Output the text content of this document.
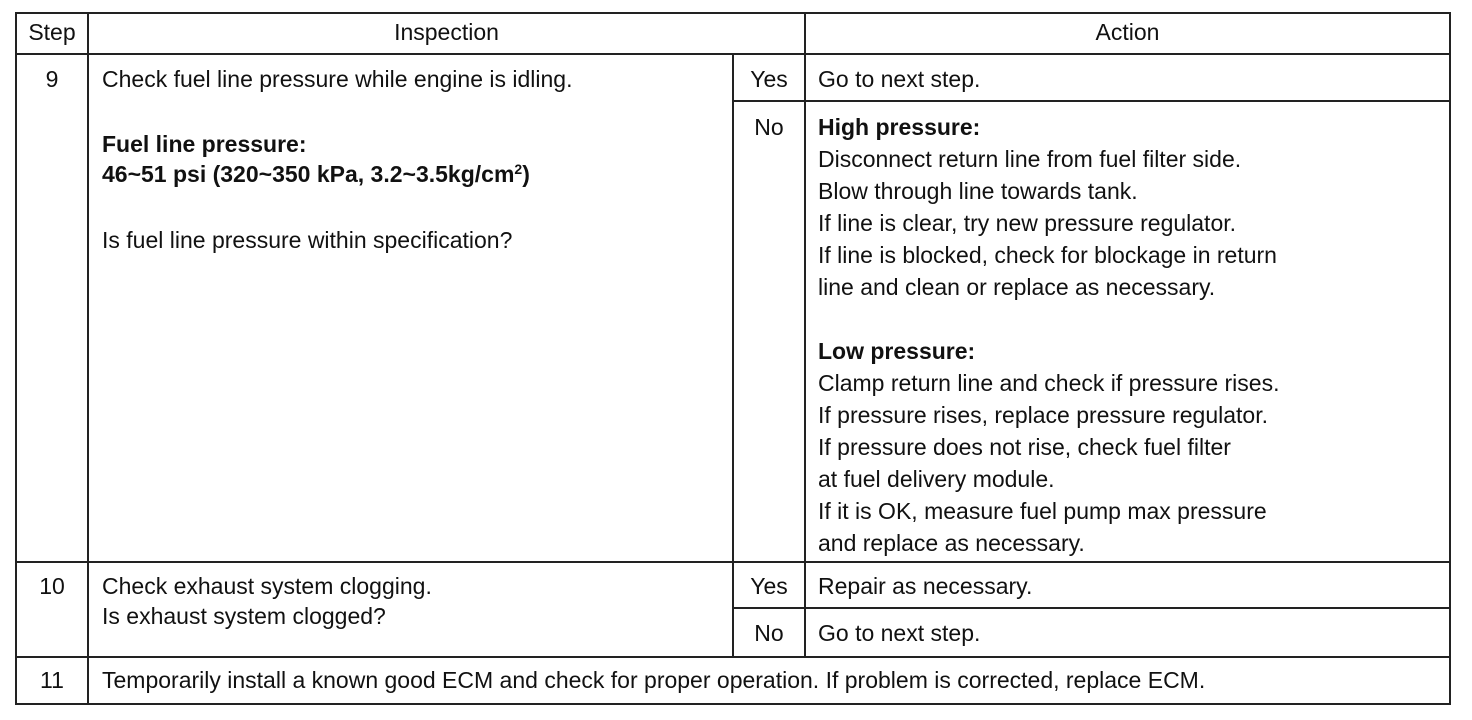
Step	Inspection	Action
9	Check fuel line pressure while engine is idling.
Fuel line pressure:
46~51 psi (320~350 kPa, $3.2\sim 3.5kg/cm^2$)
Is fuel line pressure within specification?
Yes	Go to next step.
No	High pressure:
Disconnect return line from fuel filter side.
Blow through line towards tank.
If line is clear, try new pressure regulator.
If line is blocked, check for blockage in return
line and clean or replace as necessary.
Low pressure:
Clamp return line and check if pressure rises.
If pressure rises, replace pressure regulator.
If pressure does not rise, check fuel filter
at fuel delivery module.
If it is OK, measure fuel pump max pressure
and replace as necessary.
10	Check exhaust system clogging.
Is exhaust system clogged?
Yes	Repair as necessary.
No	Go to next step.
11	Temporarily install a known good ECM and check for proper operation. If problem is corrected, replace ECM.
